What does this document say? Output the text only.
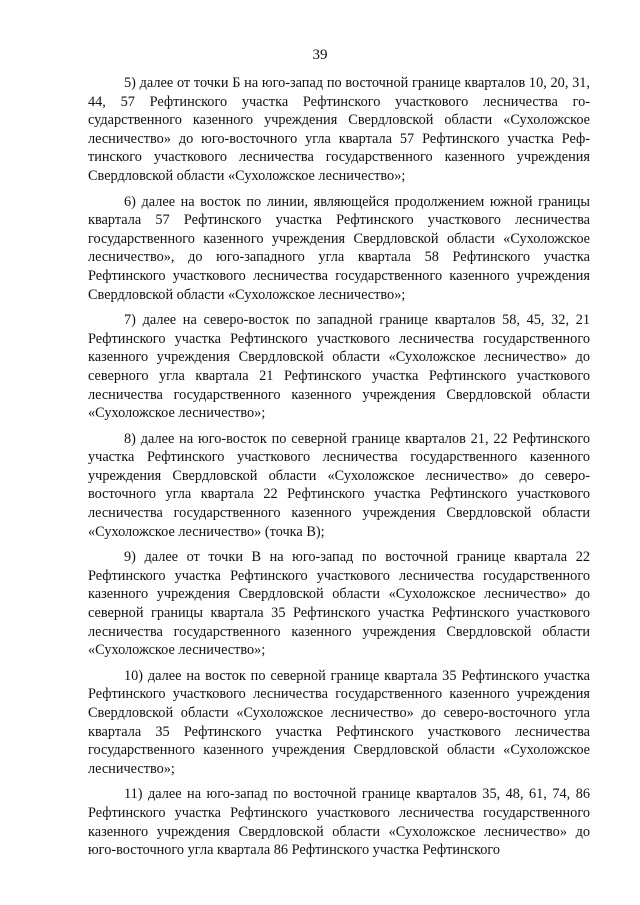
39

5) далее от точки Б на юго-запад по восточной границе кварталов 10, 20, 31, 44, 57 Рефтинского участка Рефтинского участкового лесничества государственного казенного учреждения Свердловской области «Сухоложское лесничество» до юго-восточного угла квартала 57 Рефтинского участка Рефтинского участкового лесничества государственного казенного учреждения Свердловской области «Сухоложское лесничество»;

6) далее на восток по линии, являющейся продолжением южной границы квартала 57 Рефтинского участка Рефтинского участкового лесничества государственного казенного учреждения Свердловской области «Сухоложское лесничество», до юго-западного угла квартала 58 Рефтинского участка Рефтинского участкового лесничества государственного казенного учреждения Свердловской области «Сухоложское лесничество»;

7) далее на северо-восток по западной границе кварталов 58, 45, 32, 21 Рефтинского участка Рефтинского участкового лесничества государственного казенного учреждения Свердловской области «Сухоложское лесничество» до северного угла квартала 21 Рефтинского участка Рефтинского участкового лесничества государственного казенного учреждения Свердловской области «Сухоложское лесничество»;

8) далее на юго-восток по северной границе кварталов 21, 22 Рефтинского участка Рефтинского участкового лесничества государственного казенного учреждения Свердловской области «Сухоложское лесничество» до северо-восточного угла квартала 22 Рефтинского участка Рефтинского участкового лесничества государственного казенного учреждения Свердловской области «Сухоложское лесничество» (точка В);

9) далее от точки В на юго-запад по восточной границе квартала 22 Рефтинского участка Рефтинского участкового лесничества государственного казенного учреждения Свердловской области «Сухоложское лесничество» до северной границы квартала 35 Рефтинского участка Рефтинского участкового лесничества государственного казенного учреждения Свердловской области «Сухоложское лесничество»;

10) далее на восток по северной границе квартала 35 Рефтинского участка Рефтинского участкового лесничества государственного казенного учреждения Свердловской области «Сухоложское лесничество» до северо-восточного угла квартала 35 Рефтинского участка Рефтинского участкового лесничества государственного казенного учреждения Свердловской области «Сухоложское лесничество»;

11) далее на юго-запад по восточной границе кварталов 35, 48, 61, 74, 86 Рефтинского участка Рефтинского участкового лесничества государственного казенного учреждения Свердловской области «Сухоложское лесничество» до юго-восточного угла квартала 86 Рефтинского участка Рефтинского
